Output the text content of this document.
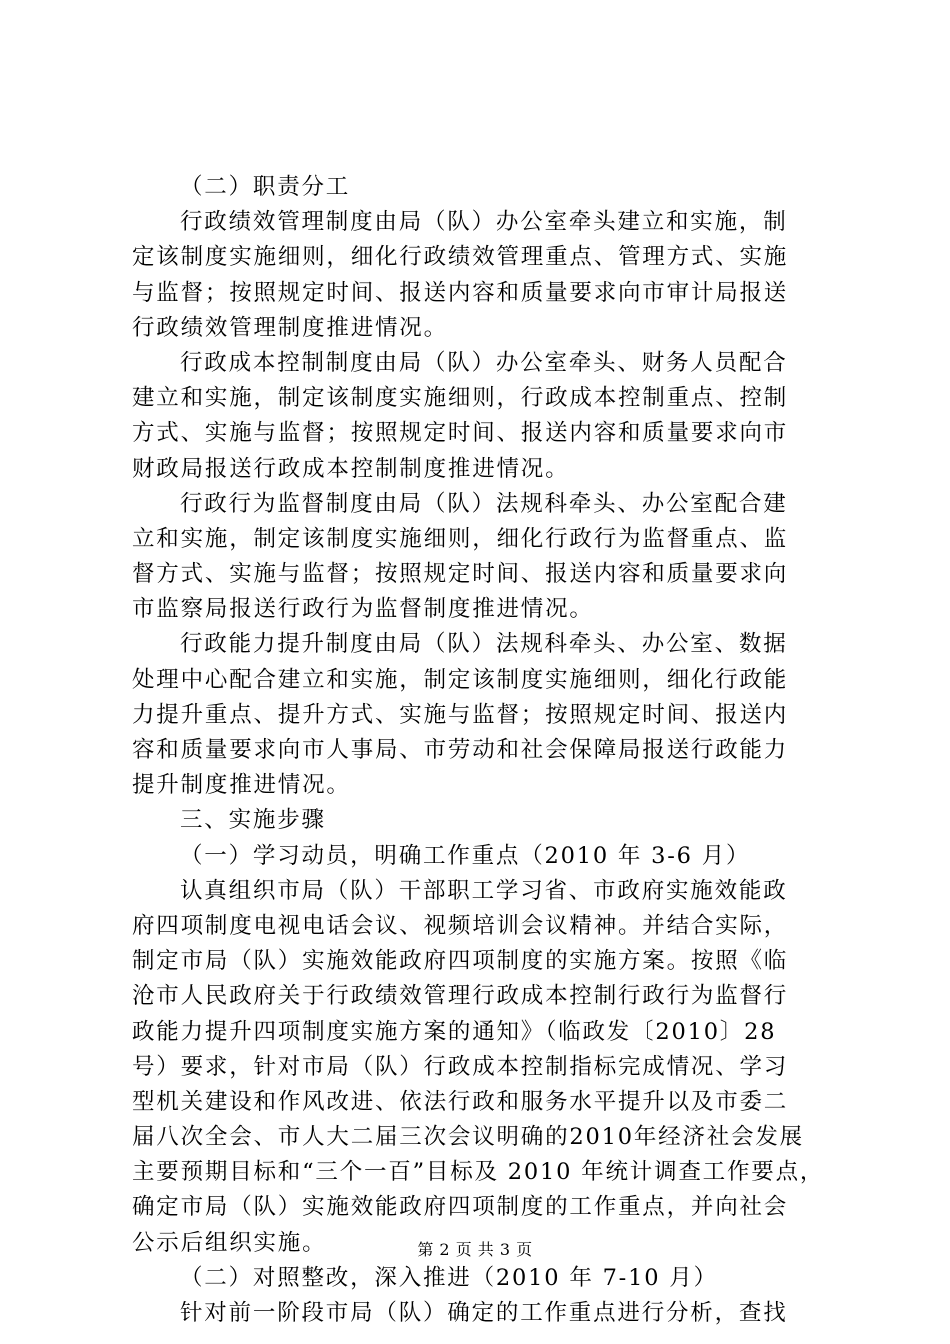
（二）职责分工
行政绩效管理制度由局（队）办公室牵头建立和实施，制
定该制度实施细则，细化行政绩效管理重点、管理方式、实施
与监督；按照规定时间、报送内容和质量要求向市审计局报送
行政绩效管理制度推进情况。
行政成本控制制度由局（队）办公室牵头、财务人员配合
建立和实施，制定该制度实施细则，行政成本控制重点、控制
方式、实施与监督；按照规定时间、报送内容和质量要求向市
财政局报送行政成本控制制度推进情况。
行政行为监督制度由局（队）法规科牵头、办公室配合建
立和实施，制定该制度实施细则，细化行政行为监督重点、监
督方式、实施与监督；按照规定时间、报送内容和质量要求向
市监察局报送行政行为监督制度推进情况。
行政能力提升制度由局（队）法规科牵头、办公室、数据
处理中心配合建立和实施，制定该制度实施细则，细化行政能
力提升重点、提升方式、实施与监督；按照规定时间、报送内
容和质量要求向市人事局、市劳动和社会保障局报送行政能力
提升制度推进情况。
三、实施步骤
（一）学习动员，明确工作重点（2010 年 3-6 月）
认真组织市局（队）干部职工学习省、市政府实施效能政
府四项制度电视电话会议、视频培训会议精神。并结合实际，
制定市局（队）实施效能政府四项制度的实施方案。按照《临
沧市人民政府关于行政绩效管理行政成本控制行政行为监督行
政能力提升四项制度实施方案的通知》（临政发〔2010〕28
号）要求，针对市局（队）行政成本控制指标完成情况、学习
型机关建设和作风改进、依法行政和服务水平提升以及市委二
届八次全会、市人大二届三次会议明确的2010年经济社会发展
主要预期目标和“三个一百”目标及 2010 年统计调查工作要点，
确定市局（队）实施效能政府四项制度的工作重点，并向社会
公示后组织实施。
（二）对照整改，深入推进（2010 年 7-10 月）
针对前一阶段市局（队）确定的工作重点进行分析，查找
第 2 页 共 3 页
